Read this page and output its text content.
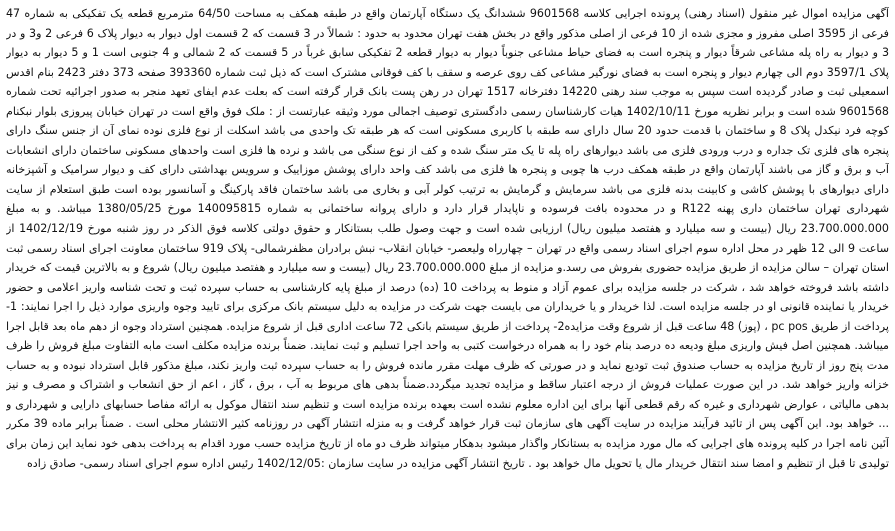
آگهی مزایده اموال غیر منقول (اسناد رهنی) پرونده اجرایی کلاسه 9601568 ششدانگ یک دستگاه آپارتمان واقع در طبقه همکف به مساحت 64/50 مترمربع قطعه یک تفکیکی به شماره 47 فرعی از 3595 اصلی مفروز و مجزی شده از 10 فرعی از اصلی مذکور واقع در بخش هفت تهران محدود به حدود : شمالاً در 3 قسمت که 2 قسمت اول دیوار به دیوار پلاک 6 فرعی 2 و3 و در 3 و دیوار به راه پله مشاعی شرقاً دیوار و پنجره است به فضای حیاط مشاعی جنوباً دیوار به دیوار قطعه 2 تفکیکی سابق غرباً در 5 قسمت که 2 شمالی و 4 جنوبی است 1 و 5 دیوار به دیوار پلاک 3597/1 دوم الی چهارم دیوار و پنجره است به فضای نورگیر مشاعی کف روی عرصه و سقف با کف فوقانی مشترک است که ذیل ثبت شماره 393360 صفحه 373 دفتر 2423 بنام اقدس اسمعیلی ثبت و صادر گردیده است سپس به موجب سند رهنی 14220 دفترخانه 1517 تهران در رهن پست بانک قرار گرفته است که بعلت عدم ایفای تعهد منجر به صدور اجرائیه تحت شماره 9601568 شده است و برابر نظریه مورخ 1402/10/11 هیات کارشناسان رسمی دادگستری توصیف اجمالی مورد وثیقه عبارتست از : ملک فوق واقع است در تهران خیابان پیروزی بلوار نبکنام کوچه فرد نیکدل پلاک 8 و ساختمان با قدمت حدود 20 سال دارای سه طبقه با کاربری مسکونی است که هر طبقه تک واحدی می باشد اسکلت از نوع فلزی نوده نمای آن از جنس سنگ دارای پنجره های فلزی تک جداره و درب ورودی فلزی می باشد دیوارهای راه پله تا یک متر سنگ شده و کف از نوع سنگی می باشد و نرده ها فلزی است واحدهای مسکونی ساختمان دارای انشعابات آب و برق و گاز می باشند آپارتمان واقع در طبقه همکف درب ها چوبی و پنجره ها فلزی می باشد کف واحد دارای پوشش موزاییک و سرویس بهداشتی دارای کف و دیوار سرامیک و آشپزخانه دارای دیوارهای با پوشش کاشی و کابینت بدنه فلزی می باشد سرمایش و گرمایش به ترتیب کولر آبی و بخاری می باشد ساختمان فاقد پارکینگ و آسانسور بوده است طبق استعلام از سایت شهرداری تهران ساختمان داری پهنه R122 و در محدوده بافت فرسوده و ناپایدار قرار دارد و دارای پروانه ساختمانی به شماره 140095815 مورخ 1380/05/25 میباشد. و به مبلغ 23.700.000.000 ریال (بیست و سه میلیارد و هفتصد میلیون ریال) ارزیابی شده است و جهت وصول طلب بستانکار و حقوق دولتی کلاسه فوق الذکر در روز شنبه مورخ 1402/12/19 از ساعت 9 الی 12 ظهر در محل اداره سوم اجرای اسناد رسمی واقع در تهران – چهارراه ولیعصر- خیابان انقلاب- نبش برادران مظفرشمالی- پلاک 919 ساختمان معاونت اجرای اسناد رسمی ثبت استان تهران – سالن مزایده از طریق مزایده حضوری بفروش می رسد.و مزایده از مبلغ 23.700.000.000 ریال (بیست و سه میلیارد و هفتصد میلیون ریال) شروع و به بالاترین قیمت که خریدار داشته باشد فروخته خواهد شد ، شرکت در جلسه مزایده برای عموم آزاد و منوط به پرداخت 10 (ده) درصد از مبلغ پایه کارشناسی به حساب سپرده ثبت و تحت شناسه واریز اعلامی و حضور خریدار یا نماینده قانونی او در جلسه مزایده است. لذا خریدار و یا خریداران می بایست جهت شرکت در مزایده به دلیل سیستم بانک مرکزی برای تایید وجوه واریزی موارد ذیل را اجرا نمایند: 1- پرداخت از طریق pc pos ، (پوز) 48 ساعت قبل از شروع وقت مزایده2- پرداخت از طریق سیستم بانکی 72 ساعت اداری قبل از شروع مزایده. همچنین استرداد وجوه از دهم ماه بعد قابل اجرا میباشد. همچنین اصل فیش واریزی مبلغ ودیعه ده درصد بنام خود را به همراه درخواست کتبی به واحد اجرا تسلیم و ثبت نمایند. ضمناً برنده مزایده مکلف است مابه التفاوت مبلغ فروش را ظرف مدت پنج روز از تاریخ مزایده به حساب صندوق ثبت تودیع نماید و در صورتی که ظرف مهلت مقرر مانده فروش را به حساب سپرده ثبت واریز نکند، مبلغ مذکور قابل استرداد نبوده و به حساب خزانه واریز خواهد شد. در این صورت عملیات فروش از درجه اعتبار ساقط و مزایده تجدید میگردد.ضمناً بدهی های مربوط به آب ، برق ، گاز ، اعم از حق انشعاب و اشتراک و مصرف و نیز بدهی مالیاتی ، عوارض شهرداری و غیره که رقم قطعی آنها برای این اداره معلوم نشده است بعهده برنده مزایده است و تنظیم سند انتقال موکول به ارائه مفاصا حسابهای دارایی و شهرداری و ... خواهد بود. این آگهی پس از تائید فرآیند مزایده در سایت آگهی های سازمان ثبت قرار خواهد گرفت و به منزله انتشار آگهی در روزنامه کثیر الانتشار محلی است . ضمناً برابر ماده 39 مکرر آئین نامه اجرا در کلیه پرونده های اجرایی که مال مورد مزایده به بستانکار واگذار میشود بدهکار میتواند ظرف دو ماه از تاریخ مزایده حسب مورد اقدام به پرداخت بدهی خود نماید این زمان برای تولیدی تا قبل از تنظیم و امضا سند انتقال خریدار مال یا تحویل مال خواهد بود . تاریخ انتشار آگهی مزایده در سایت سازمان :1402/12/05 رئیس اداره سوم اجرای اسناد رسمی- صادق زاده
